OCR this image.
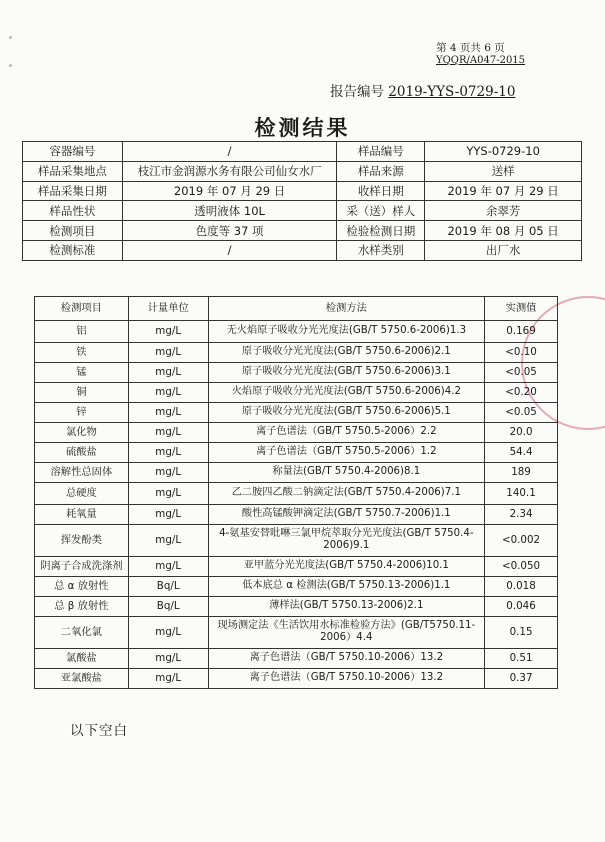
第 4 页共 6 页
YQQR/A047-2015
报告编号 2019-YYS-0729-10
检测结果
容器编号	/	样品编号	YYS-0729-10
样品采集地点	枝江市金润源水务有限公司仙女水厂	样品来源	送样
样品采集日期	2019 年 07 月 29 日	收样日期	2019 年 07 月 29 日
样品性状	透明液体 10L	采（送）样人	余翠芳
检测项目	色度等 37 项	检验检测日期	2019 年 08 月 05 日
检测标准	/	水样类别	出厂水
检测项目	计量单位	检测方法	实测值
铝	mg/L	无火焰原子吸收分光光度法(GB/T 5750.6-2006)1.3	0.169
铁	mg/L	原子吸收分光光度法(GB/T 5750.6-2006)2.1	<0.10
锰	mg/L	原子吸收分光光度法(GB/T 5750.6-2006)3.1	<0.05
铜	mg/L	火焰原子吸收分光光度法(GB/T 5750.6-2006)4.2	<0.20
锌	mg/L	原子吸收分光光度法(GB/T 5750.6-2006)5.1	<0.05
氯化物	mg/L	离子色谱法（GB/T 5750.5-2006）2.2	20.0
硫酸盐	mg/L	离子色谱法（GB/T 5750.5-2006）1.2	54.4
溶解性总固体	mg/L	称量法(GB/T 5750.4-2006)8.1	189
总硬度	mg/L	乙二胺四乙酸二钠滴定法(GB/T 5750.4-2006)7.1	140.1
耗氧量	mg/L	酸性高锰酸钾滴定法(GB/T 5750.7-2006)1.1	2.34
挥发酚类	mg/L	4-氨基安替吡啉三氯甲烷萃取分光光度法(GB/T 5750.4-2006)9.1	<0.002
阴离子合成洗涤剂	mg/L	亚甲蓝分光光度法(GB/T 5750.4-2006)10.1	<0.050
总 α 放射性	Bq/L	低本底总 α 检测法(GB/T 5750.13-2006)1.1	0.018
总 β 放射性	Bq/L	薄样法(GB/T 5750.13-2006)2.1	0.046
二氧化氯	mg/L	现场测定法《生活饮用水标准检验方法》(GB/T5750.11-2006）4.4	0.15
氯酸盐	mg/L	离子色谱法（GB/T 5750.10-2006）13.2	0.51
亚氯酸盐	mg/L	离子色谱法（GB/T 5750.10-2006）13.2	0.37
以下空白
